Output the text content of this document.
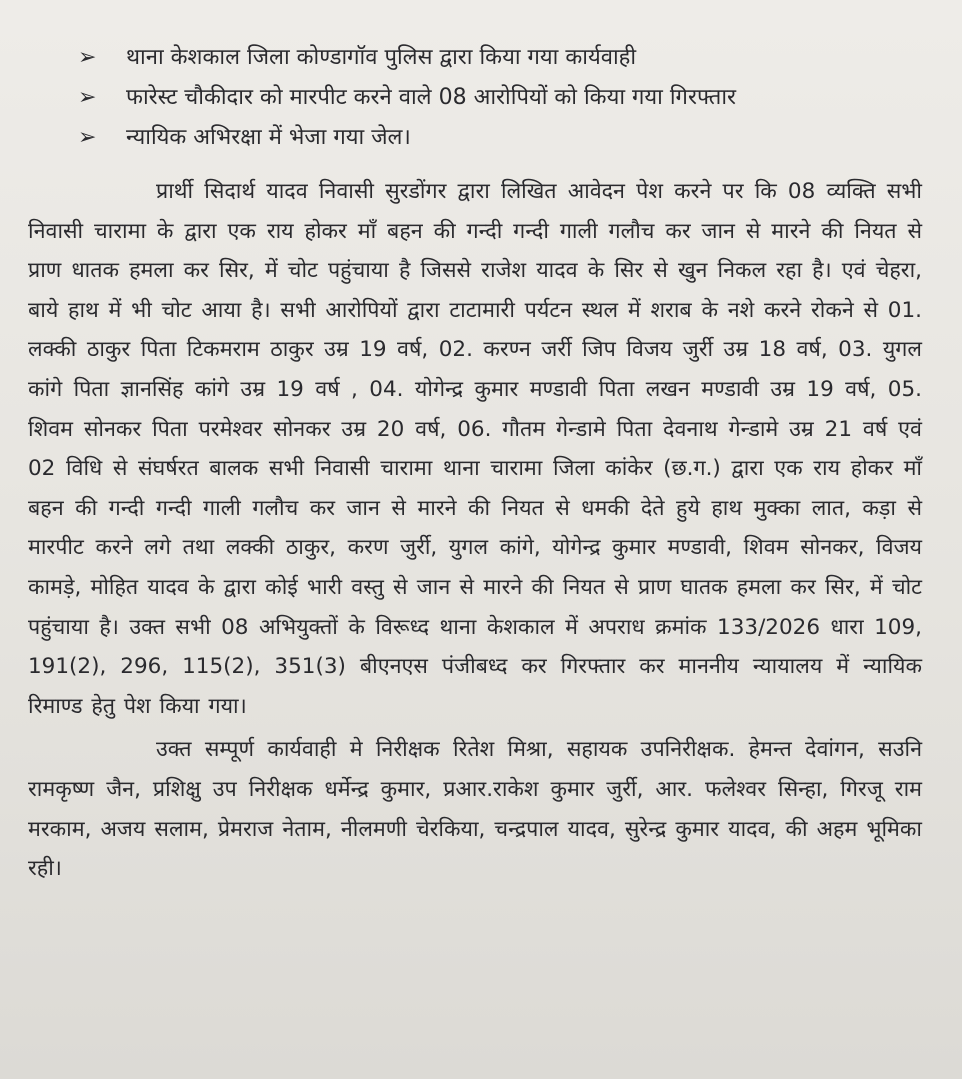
➢ थाना केशकाल जिला कोण्डागॉव पुलिस द्वारा किया गया कार्यवाही
➢ फारेस्ट चौकीदार को मारपीट करने वाले 08 आरोपियों को किया गया गिरफ्तार
➢ न्यायिक अभिरक्षा में भेजा गया जेल।

प्रार्थी सिदार्थ यादव निवासी सुरडोंगर द्वारा लिखित आवेदन पेश करने पर कि 08 व्यक्ति सभी निवासी चारामा के द्वारा एक राय होकर माँ बहन की गन्दी गन्दी गाली गलौच कर जान से मारने की नियत से प्राण धातक हमला कर सिर, में चोट पहुंचाया है जिससे राजेश यादव के सिर से खुन निकल रहा है। एवं चेहरा, बाये हाथ में भी चोट आया है। सभी आरोपियों द्वारा टाटामारी पर्यटन स्थल में शराब के नशे करने रोकने से 01. लक्की ठाकुर पिता टिकमराम ठाकुर उम्र 19 वर्ष, 02. करण्न जर्री जिप विजय जुर्री उम्र 18 वर्ष, 03. युगल कांगे पिता ज्ञानसिंह कांगे उम्र 19 वर्ष , 04. योगेन्द्र कुमार मण्डावी पिता लखन मण्डावी उम्र 19 वर्ष, 05. शिवम सोनकर पिता परमेश्वर सोनकर उम्र 20 वर्ष, 06. गौतम गेन्डामे पिता देवनाथ गेन्डामे उम्र 21 वर्ष एवं 02 विधि से संघर्षरत बालक सभी निवासी चारामा थाना चारामा जिला कांकेर (छ.ग.) द्वारा एक राय होकर माँ बहन की गन्दी गन्दी गाली गलौच कर जान से मारने की नियत से धमकी देते हुये हाथ मुक्का लात, कड़ा से मारपीट करने लगे तथा लक्की ठाकुर, करण जुर्री, युगल कांगे, योगेन्द्र कुमार मण्डावी, शिवम सोनकर, विजय कामड़े, मोहित यादव के द्वारा कोई भारी वस्तु से जान से मारने की नियत से प्राण घातक हमला कर सिर, में चोट पहुंचाया है। उक्त सभी 08 अभियुक्तों के विरूध्द थाना केशकाल में अपराध क्रमांक 133/2026 धारा 109, 191(2), 296, 115(2), 351(3) बीएनएस पंजीबध्द कर गिरफ्तार कर माननीय न्यायालय में न्यायिक रिमाण्ड हेतु पेश किया गया।

उक्त सम्पूर्ण कार्यवाही मे निरीक्षक रितेश मिश्रा, सहायक उपनिरीक्षक. हेमन्त देवांगन, सउनि रामकृष्ण जैन, प्रशिक्षु उप निरीक्षक धर्मेन्द्र कुमार, प्रआर.राकेश कुमार जुर्री, आर. फलेश्वर सिन्हा, गिरजू राम मरकाम, अजय सलाम, प्रेमराज नेताम, नीलमणी चेरकिया, चन्द्रपाल यादव, सुरेन्द्र कुमार यादव, की अहम भूमिका रही।
